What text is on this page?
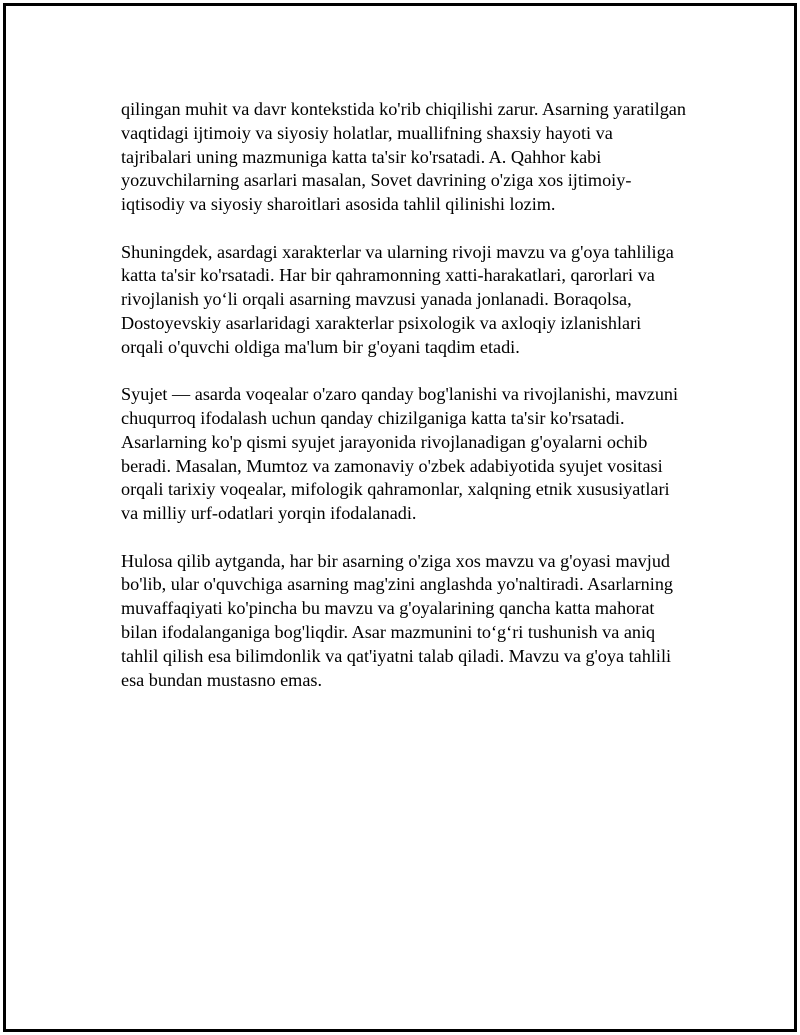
qilingan muhit va davr kontekstida ko'rib chiqilishi zarur. Asarning yaratilgan vaqtidagi ijtimoiy va siyosiy holatlar, muallifning shaxsiy hayoti va tajribalari uning mazmuniga katta ta'sir ko'rsatadi. A. Qahhor kabi yozuvchilarning asarlari masalan, Sovet davrining o'ziga xos ijtimoiy-iqtisodiy va siyosiy sharoitlari asosida tahlil qilinishi lozim.

Shuningdek, asardagi xarakterlar va ularning rivoji mavzu va g'oya tahliliga katta ta'sir ko'rsatadi. Har bir qahramonning xatti-harakatlari, qarorlari va rivojlanish yo‘li orqali asarning mavzusi yanada jonlanadi. Boraqolsa, Dostoyevskiy asarlaridagi xarakterlar psixologik va axloqiy izlanishlari orqali o'quvchi oldiga ma'lum bir g'oyani taqdim etadi.

Syujet — asarda voqealar o'zaro qanday bog'lanishi va rivojlanishi, mavzuni chuqurroq ifodalash uchun qanday chizilganiga katta ta'sir ko'rsatadi. Asarlarning ko'p qismi syujet jarayonida rivojlanadigan g'oyalarni ochib beradi. Masalan, Mumtoz va zamonaviy o'zbek adabiyotida syujet vositasi orqali tarixiy voqealar, mifologik qahramonlar, xalqning etnik xususiyatlari va milliy urf-odatlari yorqin ifodalanadi.

Hulosa qilib aytganda, har bir asarning o'ziga xos mavzu va g'oyasi mavjud bo'lib, ular o'quvchiga asarning mag'zini anglashda yo'naltiradi. Asarlarning muvaffaqiyati ko'pincha bu mavzu va g'oyalarining qancha katta mahorat bilan ifodalanganiga bog'liqdir. Asar mazmunini to‘g‘ri tushunish va aniq tahlil qilish esa bilimdonlik va qat'iyatni talab qiladi. Mavzu va g'oya tahlili esa bundan mustasno emas.
